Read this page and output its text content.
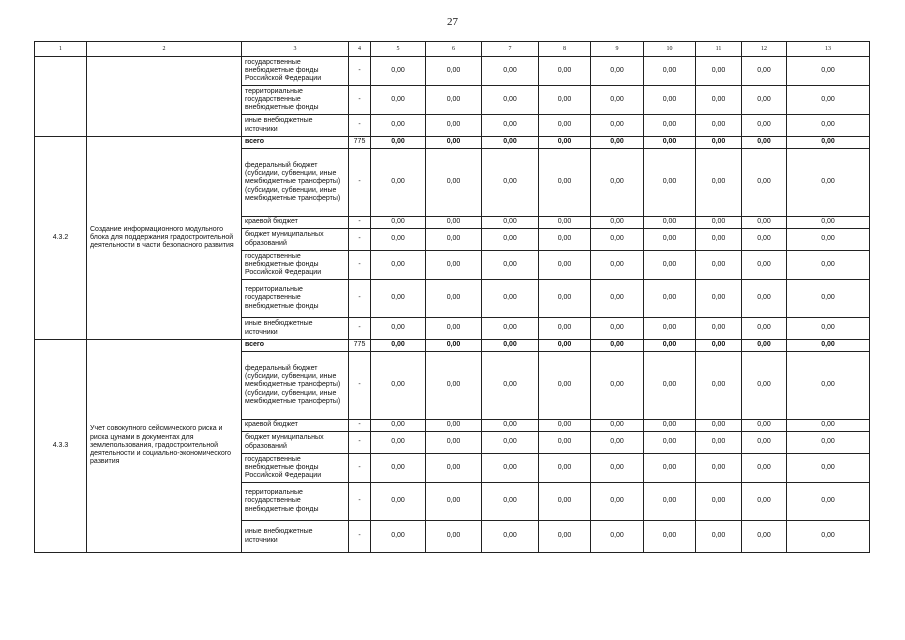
27
1	2	3	4	5	6	7	8	9	10	11	12	13
		государственные внебюджетные фонды Российской Федерации	-	0,00	0,00	0,00	0,00	0,00	0,00	0,00	0,00	0,00
		территориальные государственные внебюджетные фонды	-	0,00	0,00	0,00	0,00	0,00	0,00	0,00	0,00	0,00
		иные внебюджетные источники	-	0,00	0,00	0,00	0,00	0,00	0,00	0,00	0,00	0,00
4.3.2	Создание информационного модульного блока для поддержания градостроительной деятельности в части безопасного развития	всего	775	0,00	0,00	0,00	0,00	0,00	0,00	0,00	0,00	0,00
		федеральный бюджет (субсидии, субвенции, иные межбюджетные трансферты) (субсидии, субвенции, иные межбюджетные трансферты)	-	0,00	0,00	0,00	0,00	0,00	0,00	0,00	0,00	0,00
		краевой бюджет	-	0,00	0,00	0,00	0,00	0,00	0,00	0,00	0,00	0,00
		бюджет муниципальных образований	-	0,00	0,00	0,00	0,00	0,00	0,00	0,00	0,00	0,00
		государственные внебюджетные фонды Российской Федерации	-	0,00	0,00	0,00	0,00	0,00	0,00	0,00	0,00	0,00
		территориальные государственные внебюджетные фонды	-	0,00	0,00	0,00	0,00	0,00	0,00	0,00	0,00	0,00
		иные внебюджетные источники	-	0,00	0,00	0,00	0,00	0,00	0,00	0,00	0,00	0,00
4.3.3	Учет совокупного сейсмического риска и риска цунами в документах для землепользования, градостроительной деятельности и социально-экономического развития	всего	775	0,00	0,00	0,00	0,00	0,00	0,00	0,00	0,00	0,00
		федеральный бюджет (субсидии, субвенции, иные межбюджетные трансферты) (субсидии, субвенции, иные межбюджетные трансферты)	-	0,00	0,00	0,00	0,00	0,00	0,00	0,00	0,00	0,00
		краевой бюджет	-	0,00	0,00	0,00	0,00	0,00	0,00	0,00	0,00	0,00
		бюджет муниципальных образований	-	0,00	0,00	0,00	0,00	0,00	0,00	0,00	0,00	0,00
		государственные внебюджетные фонды Российской Федерации	-	0,00	0,00	0,00	0,00	0,00	0,00	0,00	0,00	0,00
		территориальные государственные внебюджетные фонды	-	0,00	0,00	0,00	0,00	0,00	0,00	0,00	0,00	0,00
		иные внебюджетные источники	-	0,00	0,00	0,00	0,00	0,00	0,00	0,00	0,00	0,00
